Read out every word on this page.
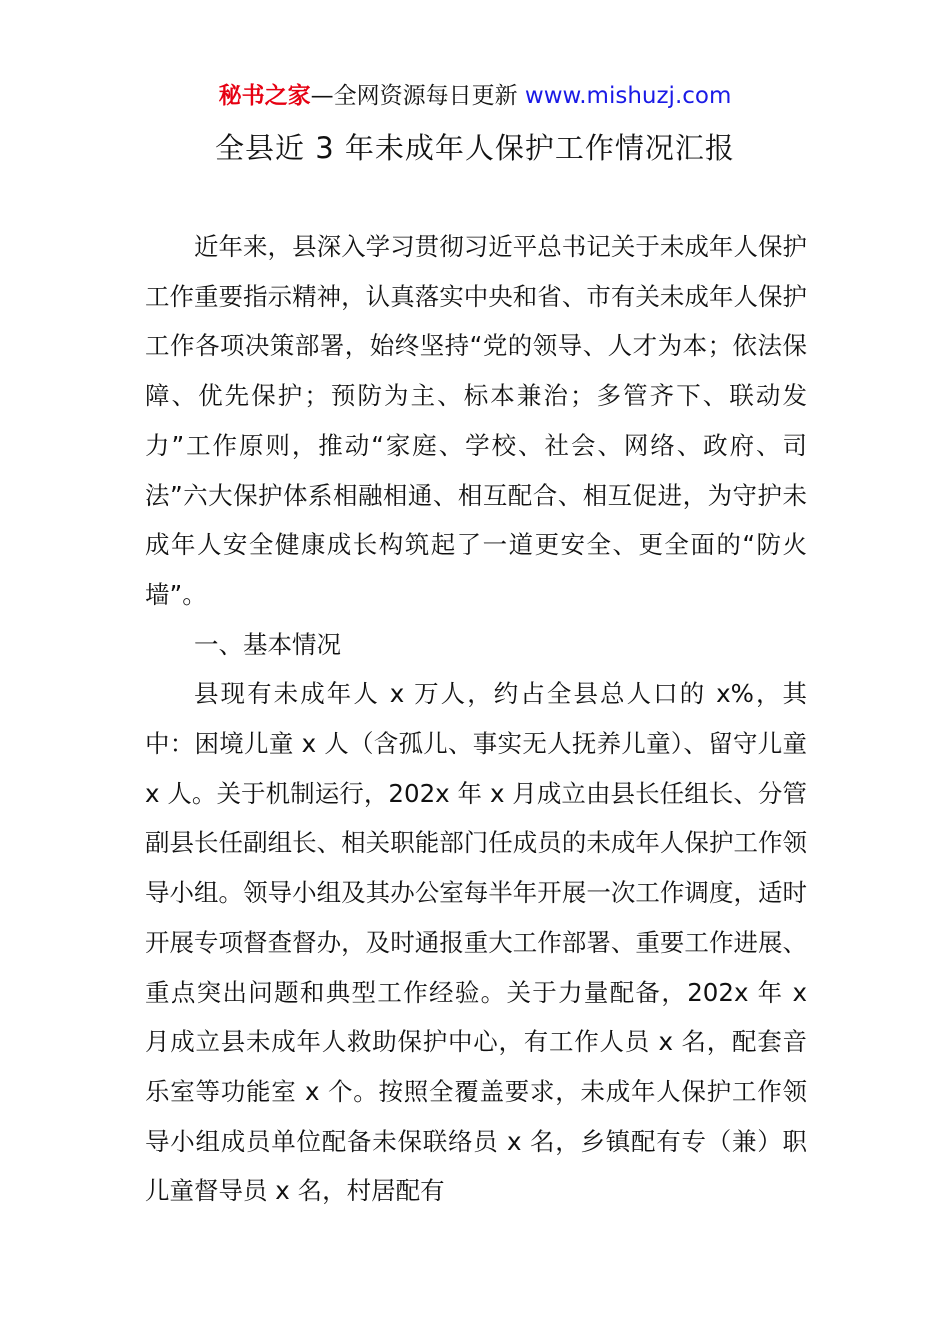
秘书之家—全网资源每日更新 www.mishuzj.com
全县近 3 年未成年人保护工作情况汇报

近年来，县深入学习贯彻习近平总书记关于未成年人保护工作重要指示精神，认真落实中央和省、市有关未成年人保护工作各项决策部署，始终坚持“党的领导、人才为本；依法保障、优先保护；预防为主、标本兼治；多管齐下、联动发力”工作原则，推动“家庭、学校、社会、网络、政府、司法”六大保护体系相融相通、相互配合、相互促进，为守护未成年人安全健康成长构筑起了一道更安全、更全面的“防火墙”。

一、基本情况

县现有未成年人 x 万人，约占全县总人口的 x%，其中：困境儿童 x 人（含孤儿、事实无人抚养儿童）、留守儿童 x 人。关于机制运行，202x 年 x 月成立由县长任组长、分管副县长任副组长、相关职能部门任成员的未成年人保护工作领导小组。领导小组及其办公室每半年开展一次工作调度，适时开展专项督查督办，及时通报重大工作部署、重要工作进展、重点突出问题和典型工作经验。关于力量配备，202x 年 x 月成立县未成年人救助保护中心，有工作人员 x 名，配套音乐室等功能室 x 个。按照全覆盖要求，未成年人保护工作领导小组成员单位配备未保联络员 x 名，乡镇配有专（兼）职儿童督导员 x 名，村居配有
